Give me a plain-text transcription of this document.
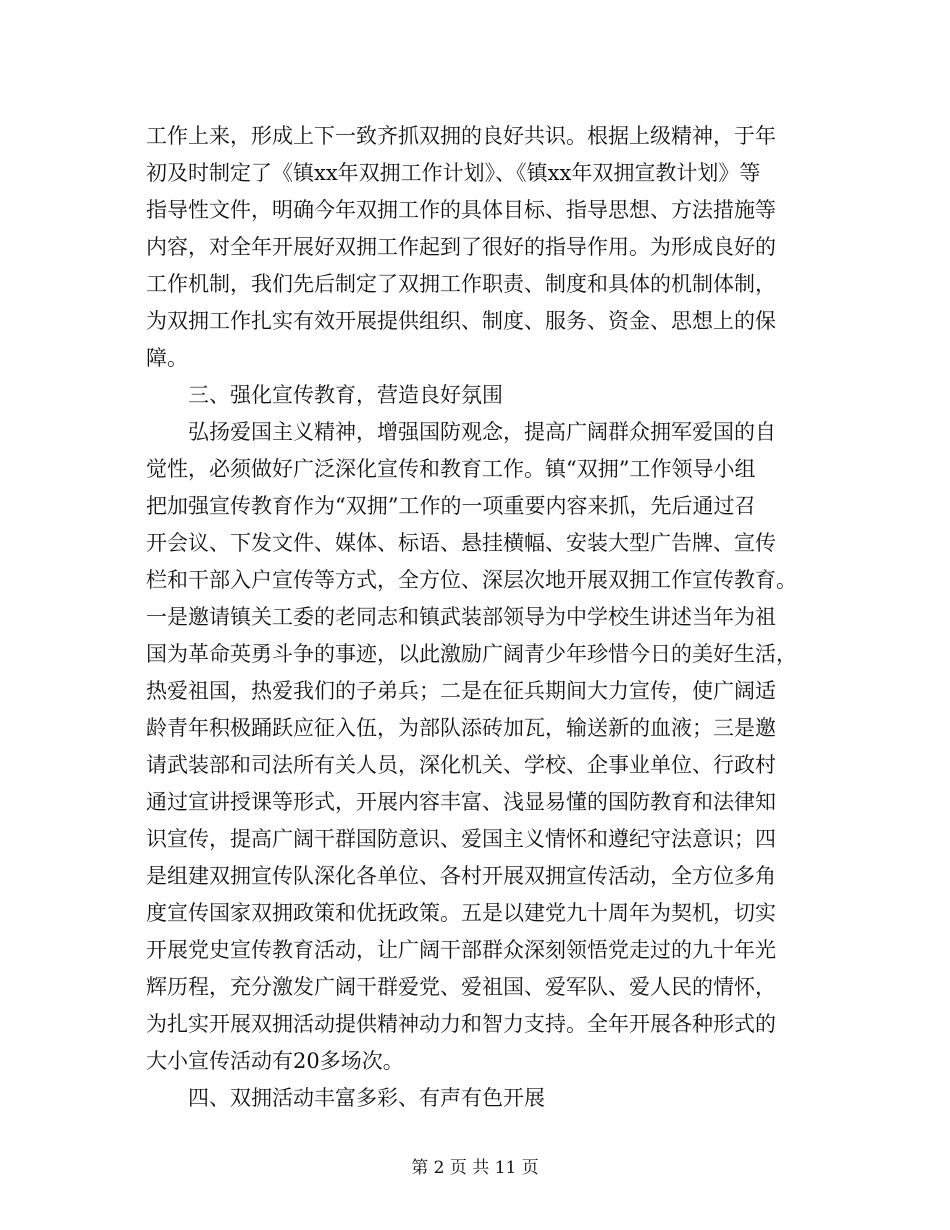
工作上来，形成上下一致齐抓双拥的良好共识。根据上级精神，于年
初及时制定了《镇xx年双拥工作计划》、《镇xx年双拥宣教计划》等
指导性文件，明确今年双拥工作的具体目标、指导思想、方法措施等
内容，对全年开展好双拥工作起到了很好的指导作用。为形成良好的
工作机制，我们先后制定了双拥工作职责、制度和具体的机制体制，
为双拥工作扎实有效开展提供组织、制度、服务、资金、思想上的保
障。
三、强化宣传教育，营造良好氛围
弘扬爱国主义精神，增强国防观念，提高广阔群众拥军爱国的自
觉性，必须做好广泛深化宣传和教育工作。镇“双拥”工作领导小组
把加强宣传教育作为“双拥”工作的一项重要内容来抓，先后通过召
开会议、下发文件、媒体、标语、悬挂横幅、安装大型广告牌、宣传
栏和干部入户宣传等方式，全方位、深层次地开展双拥工作宣传教育。
一是邀请镇关工委的老同志和镇武装部领导为中学校生讲述当年为祖
国为革命英勇斗争的事迹，以此激励广阔青少年珍惜今日的美好生活，
热爱祖国，热爱我们的子弟兵；二是在征兵期间大力宣传，使广阔适
龄青年积极踊跃应征入伍，为部队添砖加瓦，输送新的血液；三是邀
请武装部和司法所有关人员，深化机关、学校、企事业单位、行政村
通过宣讲授课等形式，开展内容丰富、浅显易懂的国防教育和法律知
识宣传，提高广阔干群国防意识、爱国主义情怀和遵纪守法意识；四
是组建双拥宣传队深化各单位、各村开展双拥宣传活动，全方位多角
度宣传国家双拥政策和优抚政策。五是以建党九十周年为契机，切实
开展党史宣传教育活动，让广阔干部群众深刻领悟党走过的九十年光
辉历程，充分激发广阔干群爱党、爱祖国、爱军队、爱人民的情怀，
为扎实开展双拥活动提供精神动力和智力支持。全年开展各种形式的
大小宣传活动有20多场次。
四、双拥活动丰富多彩、有声有色开展
第 2 页 共 11 页
